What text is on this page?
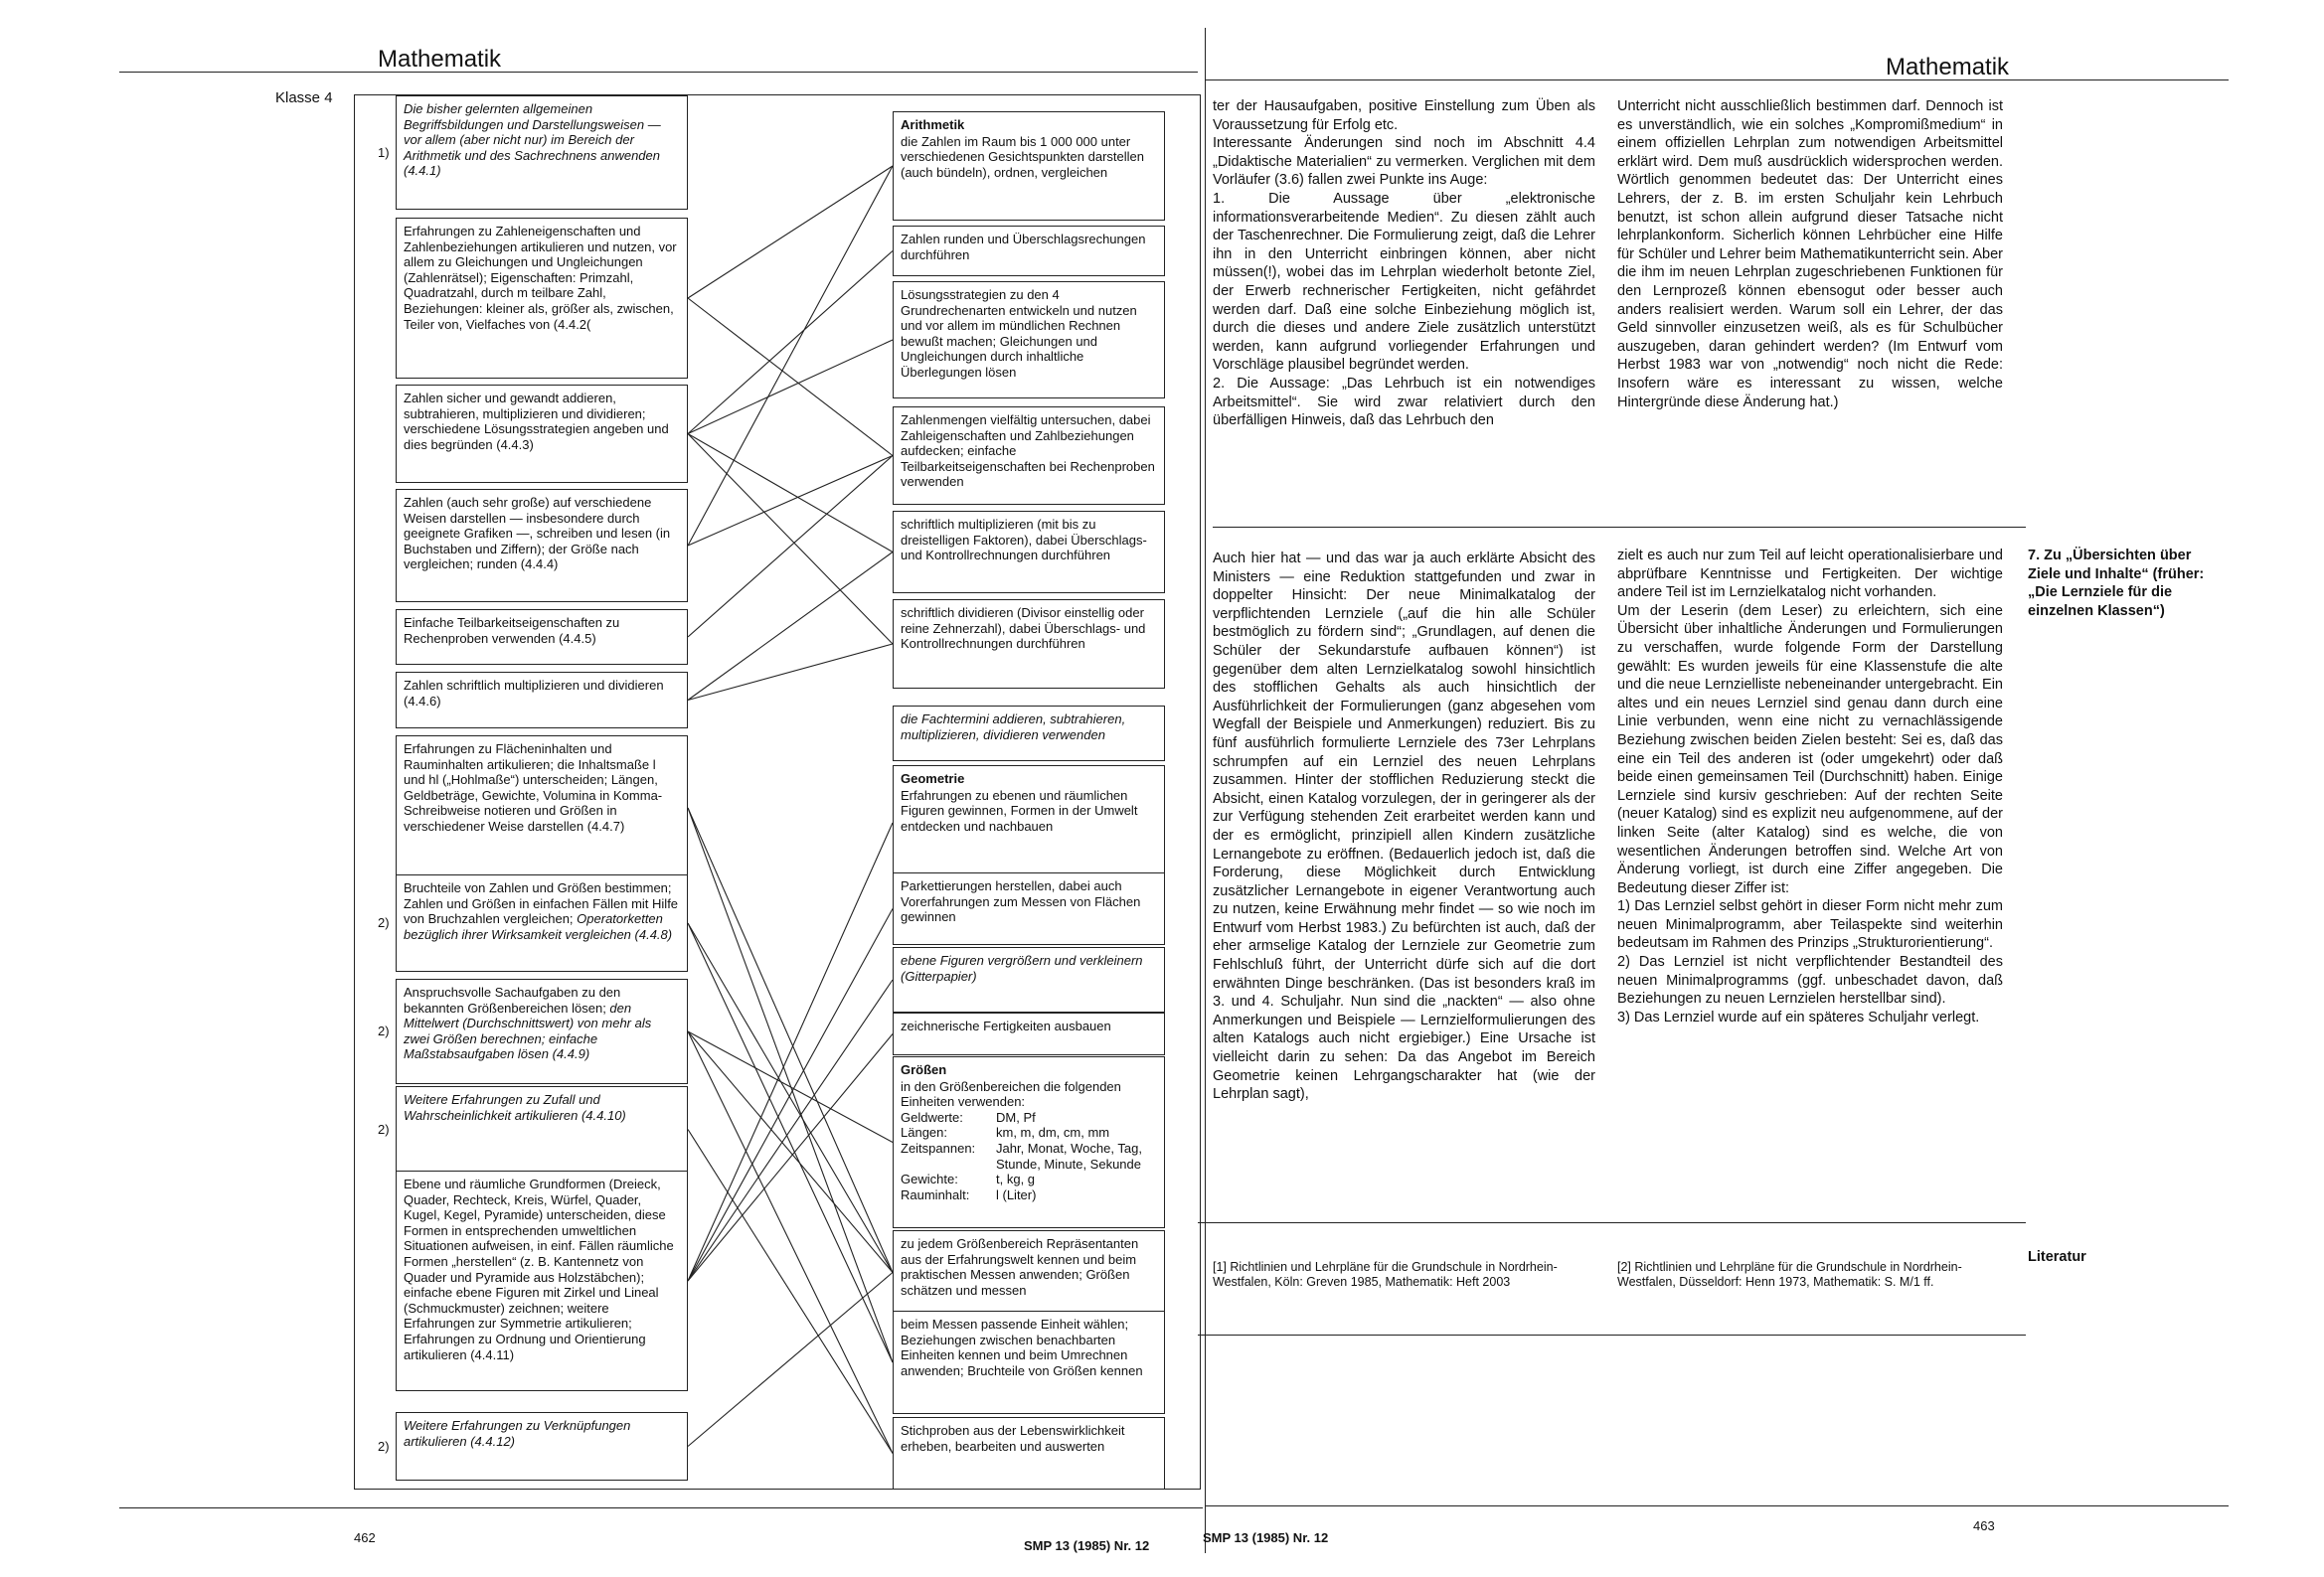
Mathematik
Klasse 4
Die bisher gelernten allgemeinen Begriffsbildungen und Darstellungsweisen — vor allem (aber nicht nur) im Bereich der Arithmetik und des Sachrechnens anwenden (4.4.1)
1)
Erfahrungen zu Zahleneigenschaften und Zahlenbeziehungen artikulieren und nutzen, vor allem zu Gleichungen und Ungleichungen (Zahlenrätsel); Eigenschaften: Primzahl, Quadratzahl, durch m teilbare Zahl, Beziehungen: kleiner als, größer als, zwischen, Teiler von, Vielfaches von (4.4.2(
Zahlen sicher und gewandt addieren, subtrahieren, multiplizieren und dividieren; verschiedene Lösungsstrategien angeben und dies begründen (4.4.3)
Zahlen (auch sehr große) auf verschiedene Weisen darstellen — insbesondere durch geeignete Grafiken —, schreiben und lesen (in Buchstaben und Ziffern); der Größe nach vergleichen; runden (4.4.4)
Einfache Teilbarkeitseigenschaften zu Rechenproben verwenden (4.4.5)
Zahlen schriftlich multiplizieren und dividieren (4.4.6)
Erfahrungen zu Flächeninhalten und Rauminhalten artikulieren; die Inhaltsmaße l und hl („Hohlmaße“) unterscheiden; Längen, Geldbeträge, Gewichte, Volumina in Komma-Schreibweise notieren und Größen in verschiedener Weise darstellen (4.4.7)
Bruchteile von Zahlen und Größen bestimmen; Zahlen und Größen in einfachen Fällen mit Hilfe von Bruchzahlen vergleichen; Operatorketten bezüglich ihrer Wirksamkeit vergleichen (4.4.8)
2)
Anspruchsvolle Sachaufgaben zu den bekannten Größenbereichen lösen; den Mittelwert (Durchschnittswert) von mehr als zwei Größen berechnen; einfache Maßstabsaufgaben lösen (4.4.9)
2)
Weitere Erfahrungen zu Zufall und Wahrscheinlichkeit artikulieren (4.4.10)
2)
Ebene und räumliche Grundformen (Dreieck, Quader, Rechteck, Kreis, Würfel, Quader, Kugel, Kegel, Pyramide) unterscheiden, diese Formen in entsprechenden umweltlichen Situationen aufweisen, in einf. Fällen räumliche Formen „herstellen“ (z. B. Kantennetz von Quader und Pyramide aus Holzstäbchen); einfache ebene Figuren mit Zirkel und Lineal (Schmuckmuster) zeichnen; weitere Erfahrungen zur Symmetrie artikulieren; Erfahrungen zu Ordnung und Orientierung artikulieren (4.4.11)
Weitere Erfahrungen zu Verknüpfungen artikulieren (4.4.12)
2)
Arithmetik
die Zahlen im Raum bis 1 000 000 unter verschiedenen Gesichtspunkten darstellen (auch bündeln), ordnen, vergleichen
Zahlen runden und Überschlagsrechungen durchführen
Lösungsstrategien zu den 4 Grundrechenarten entwickeln und nutzen und vor allem im mündlichen Rechnen bewußt machen; Gleichungen und Ungleichungen durch inhaltliche Überlegungen lösen
Zahlenmengen vielfältig untersuchen, dabei Zahleigenschaften und Zahlbeziehungen aufdecken; einfache Teilbarkeitseigenschaften bei Rechenproben verwenden
schriftlich multiplizieren (mit bis zu dreistelligen Faktoren), dabei Überschlags- und Kontrollrechnungen durchführen
schriftlich dividieren (Divisor einstellig oder reine Zehnerzahl), dabei Überschlags- und Kontrollrechnungen durchführen
die Fachtermini addieren, subtrahieren, multiplizieren, dividieren verwenden
Geometrie
Erfahrungen zu ebenen und räumlichen Figuren gewinnen, Formen in der Umwelt entdecken und nachbauen
Parkettierungen herstellen, dabei auch Vorerfahrungen zum Messen von Flächen gewinnen
ebene Figuren vergrößern und verkleinern (Gitterpapier)
zeichnerische Fertigkeiten ausbauen
Größen
in den Größenbereichen die folgenden Einheiten verwenden:
Geldwerte:	DM, Pf
Längen:	km, m, dm, cm, mm
Zeitspannen:	Jahr, Monat, Woche, Tag, Stunde, Minute, Sekunde
Gewichte:	t, kg, g
Rauminhalt:	l (Liter)
zu jedem Größenbereich Repräsentanten aus der Erfahrungswelt kennen und beim praktischen Messen anwenden; Größen schätzen und messen
beim Messen passende Einheit wählen; Beziehungen zwischen benachbarten Einheiten kennen und beim Umrechnen anwenden; Bruchteile von Größen kennen
Stichproben aus der Lebenswirklichkeit erheben, bearbeiten und auswerten
462
SMP 13 (1985) Nr. 12
Mathematik

ter der Hausaufgaben, positive Einstellung zum Üben als Voraussetzung für Erfolg etc.

Interessante Änderungen sind noch im Abschnitt 4.4 „Didaktische Materialien“ zu vermerken. Verglichen mit dem Vorläufer (3.6) fallen zwei Punkte ins Auge:

1. Die Aussage über „elektronische informationsverarbeitende Medien“. Zu diesen zählt auch der Taschenrechner. Die Formulierung zeigt, daß die Lehrer ihn in den Unterricht einbringen können, aber nicht müssen(!), wobei das im Lehrplan wiederholt betonte Ziel, der Erwerb rechnerischer Fertigkeiten, nicht gefährdet werden darf. Daß eine solche Einbeziehung möglich ist, durch die dieses und andere Ziele zusätzlich unterstützt werden, kann aufgrund vorliegender Erfahrungen und Vorschläge plausibel begründet werden.

2. Die Aussage: „Das Lehrbuch ist ein notwendiges Arbeitsmittel“. Sie wird zwar relativiert durch den überfälligen Hinweis, daß das Lehrbuch den

Unterricht nicht ausschließlich bestimmen darf. Dennoch ist es unverständlich, wie ein solches „Kompromißmedium“ in einem offiziellen Lehrplan zum notwendigen Arbeitsmittel erklärt wird. Dem muß ausdrücklich widersprochen werden. Wörtlich genommen bedeutet das: Der Unterricht eines Lehrers, der z. B. im ersten Schuljahr kein Lehrbuch benutzt, ist schon allein aufgrund dieser Tatsache nicht lehrplankonform. Sicherlich können Lehrbücher eine Hilfe für Schüler und Lehrer beim Mathematikunterricht sein. Aber die ihm im neuen Lehrplan zugeschriebenen Funktionen für den Lernprozeß können ebensogut oder besser auch anders realisiert werden. Warum soll ein Lehrer, der das Geld sinnvoller einzusetzen weiß, als es für Schulbücher auszugeben, daran gehindert werden? (Im Entwurf vom Herbst 1983 war von „notwendig“ noch nicht die Rede: Insofern wäre es interessant zu wissen, welche Hintergründe diese Änderung hat.)

Auch hier hat — und das war ja auch erklärte Absicht des Ministers — eine Reduktion stattgefunden und zwar in doppelter Hinsicht: Der neue Minimalkatalog der verpflichtenden Lernziele („auf die hin alle Schüler bestmöglich zu fördern sind“; „Grundlagen, auf denen die Schüler der Sekundarstufe aufbauen können“) ist gegenüber dem alten Lernzielkatalog sowohl hinsichtlich des stofflichen Gehalts als auch hinsichtlich der Ausführlichkeit der Formulierungen (ganz abgesehen vom Wegfall der Beispiele und Anmerkungen) reduziert. Bis zu fünf ausführlich formulierte Lernziele des 73er Lehrplans schrumpfen auf ein Lernziel des neuen Lehrplans zusammen. Hinter der stofflichen Reduzierung steckt die Absicht, einen Katalog vorzulegen, der in geringerer als der zur Verfügung stehenden Zeit erarbeitet werden kann und der es ermöglicht, prinzipiell allen Kindern zusätzliche Lernangebote zu eröffnen. (Bedauerlich jedoch ist, daß die Forderung, diese Möglichkeit durch Entwicklung zusätzlicher Lernangebote in eigener Verantwortung auch zu nutzen, keine Erwähnung mehr findet — so wie noch im Entwurf vom Herbst 1983.) Zu befürchten ist auch, daß der eher armselige Katalog der Lernziele zur Geometrie zum Fehlschluß führt, der Unterricht dürfe sich auf die dort erwähnten Dinge beschränken. (Das ist besonders kraß im 3. und 4. Schuljahr. Nun sind die „nackten“ — also ohne Anmerkungen und Beispiele — Lernzielformulierungen des alten Katalogs auch nicht ergiebiger.) Eine Ursache ist vielleicht darin zu sehen: Da das Angebot im Bereich Geometrie keinen Lehrgangscharakter hat (wie der Lehrplan sagt),

zielt es auch nur zum Teil auf leicht operationalisierbare und abprüfbare Kenntnisse und Fertigkeiten. Der wichtige andere Teil ist im Lernzielkatalog nicht vorhanden.

Um der Leserin (dem Leser) zu erleichtern, sich eine Übersicht über inhaltliche Änderungen und Formulierungen zu verschaffen, wurde folgende Form der Darstellung gewählt: Es wurden jeweils für eine Klassenstufe die alte und die neue Lernzielliste nebeneinander untergebracht. Ein altes und ein neues Lernziel sind genau dann durch eine Linie verbunden, wenn eine nicht zu vernachlässigende Beziehung zwischen beiden Zielen besteht: Sei es, daß das eine ein Teil des anderen ist (oder umgekehrt) oder daß beide einen gemeinsamen Teil (Durchschnitt) haben. Einige Lernziele sind kursiv geschrieben: Auf der rechten Seite (neuer Katalog) sind es explizit neu aufgenommene, auf der linken Seite (alter Katalog) sind es welche, die von wesentlichen Änderungen betroffen sind. Welche Art von Änderung vorliegt, ist durch eine Ziffer angegeben. Die Bedeutung dieser Ziffer ist:

1) Das Lernziel selbst gehört in dieser Form nicht mehr zum neuen Minimalprogramm, aber Teilaspekte sind weiterhin bedeutsam im Rahmen des Prinzips „Strukturorientierung“.

2) Das Lernziel ist nicht verpflichtender Bestandteil des neuen Minimalprogramms (ggf. unbeschadet davon, daß Beziehungen zu neuen Lernzielen herstellbar sind).

3) Das Lernziel wurde auf ein späteres Schuljahr verlegt.

7. Zu „Übersichten über Ziele und Inhalte“ (früher: „Die Lernziele für die einzelnen Klassen“)
[1] Richtlinien und Lehrpläne für die Grundschule in Nordrhein-Westfalen, Köln: Greven 1985, Mathematik: Heft 2003
[2] Richtlinien und Lehrpläne für die Grundschule in Nordrhein-Westfalen, Düsseldorf: Henn 1973, Mathematik: S. M/1 ff.
Literatur
SMP 13 (1985) Nr. 12
463
